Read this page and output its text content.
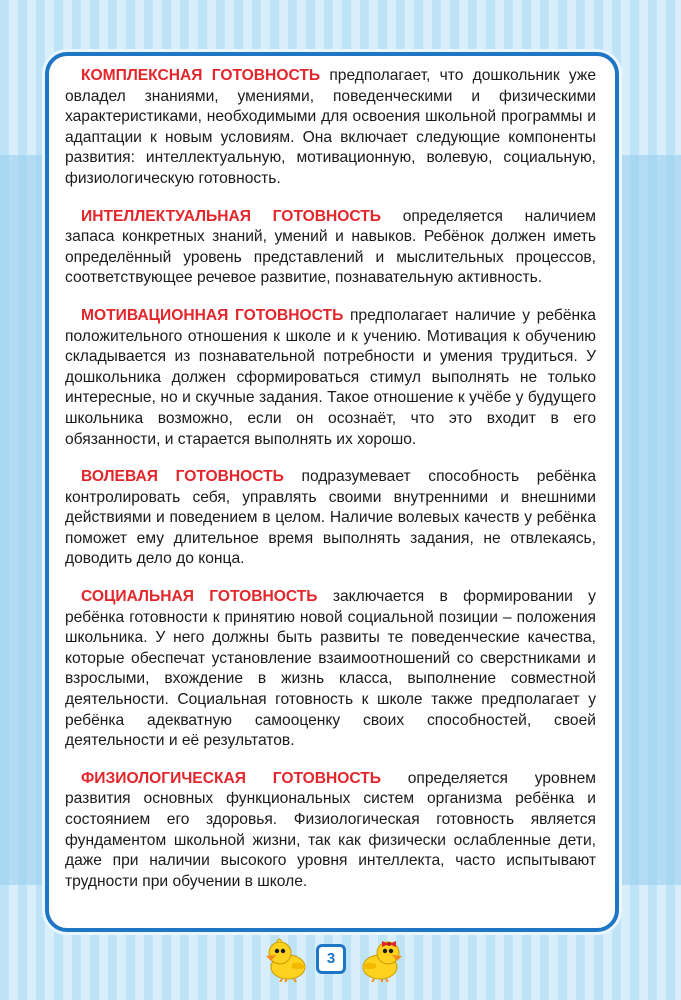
КОМПЛЕКСНАЯ ГОТОВНОСТЬ предполагает, что дошкольник уже овладел знаниями, умениями, поведенческими и физическими характеристиками, необходимыми для освоения школьной программы и адаптации к новым условиям. Она включает следующие компоненты развития: интеллектуальную, мотивационную, волевую, социальную, физиологическую готовность.

ИНТЕЛЛЕКТУАЛЬНАЯ ГОТОВНОСТЬ определяется наличием запаса конкретных знаний, умений и навыков. Ребёнок должен иметь определённый уровень представлений и мыслительных процессов, соответствующее речевое развитие, познавательную активность.

МОТИВАЦИОННАЯ ГОТОВНОСТЬ предполагает наличие у ребёнка положительного отношения к школе и к учению. Мотивация к обучению складывается из познавательной потребности и умения трудиться. У дошкольника должен сформироваться стимул выполнять не только интересные, но и скучные задания. Такое отношение к учёбе у будущего школьника возможно, если он осознаёт, что это входит в его обязанности, и старается выполнять их хорошо.

ВОЛЕВАЯ ГОТОВНОСТЬ подразумевает способность ребёнка контролировать себя, управлять своими внутренними и внешними действиями и поведением в целом. Наличие волевых качеств у ребёнка поможет ему длительное время выполнять задания, не отвлекаясь, доводить дело до конца.

СОЦИАЛЬНАЯ ГОТОВНОСТЬ заключается в формировании у ребёнка готовности к принятию новой социальной позиции – положения школьника. У него должны быть развиты те поведенческие качества, которые обеспечат установление взаимоотношений со сверстниками и взрослыми, вхождение в жизнь класса, выполнение совместной деятельности. Социальная готовность к школе также предполагает у ребёнка адекватную самооценку своих способностей, своей деятельности и её результатов.

ФИЗИОЛОГИЧЕСКАЯ ГОТОВНОСТЬ определяется уровнем развития основных функциональных систем организма ребёнка и состоянием его здоровья. Физиологическая готовность является фундаментом школьной жизни, так как физически ослабленные дети, даже при наличии высокого уровня интеллекта, часто испытывают трудности при обучении в школе.

3
